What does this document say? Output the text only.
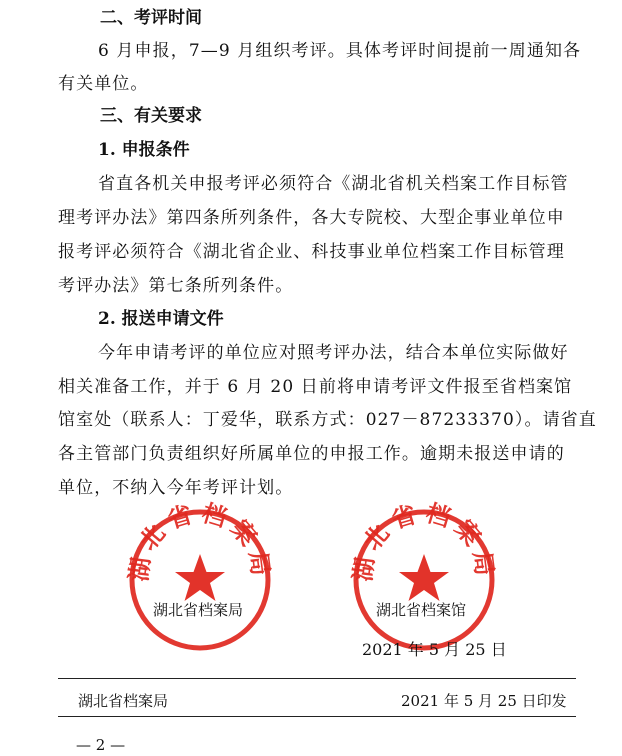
二、考评时间
6 月申报，7—9 月组织考评。具体考评时间提前一周通知各
有关单位。
三、有关要求
1. 申报条件
省直各机关申报考评必须符合《湖北省机关档案工作目标管
理考评办法》第四条所列条件，各大专院校、大型企事业单位申
报考评必须符合《湖北省企业、科技事业单位档案工作目标管理
考评办法》第七条所列条件。
2. 报送申请文件
今年申请考评的单位应对照考评办法，结合本单位实际做好
相关准备工作，并于 6 月 20 日前将申请考评文件报至省档案馆
馆室处（联系人：丁爱华，联系方式：027－87233370）。请省直
各主管部门负责组织好所属单位的申报工作。逾期未报送申请的
单位，不纳入今年考评计划。
湖北省档案局
湖北省档案局
湖北省档案局
湖北省档案馆
2021 年 5 月 25 日
湖北省档案局	2021 年 5 月 25 日印发
— 2 —
